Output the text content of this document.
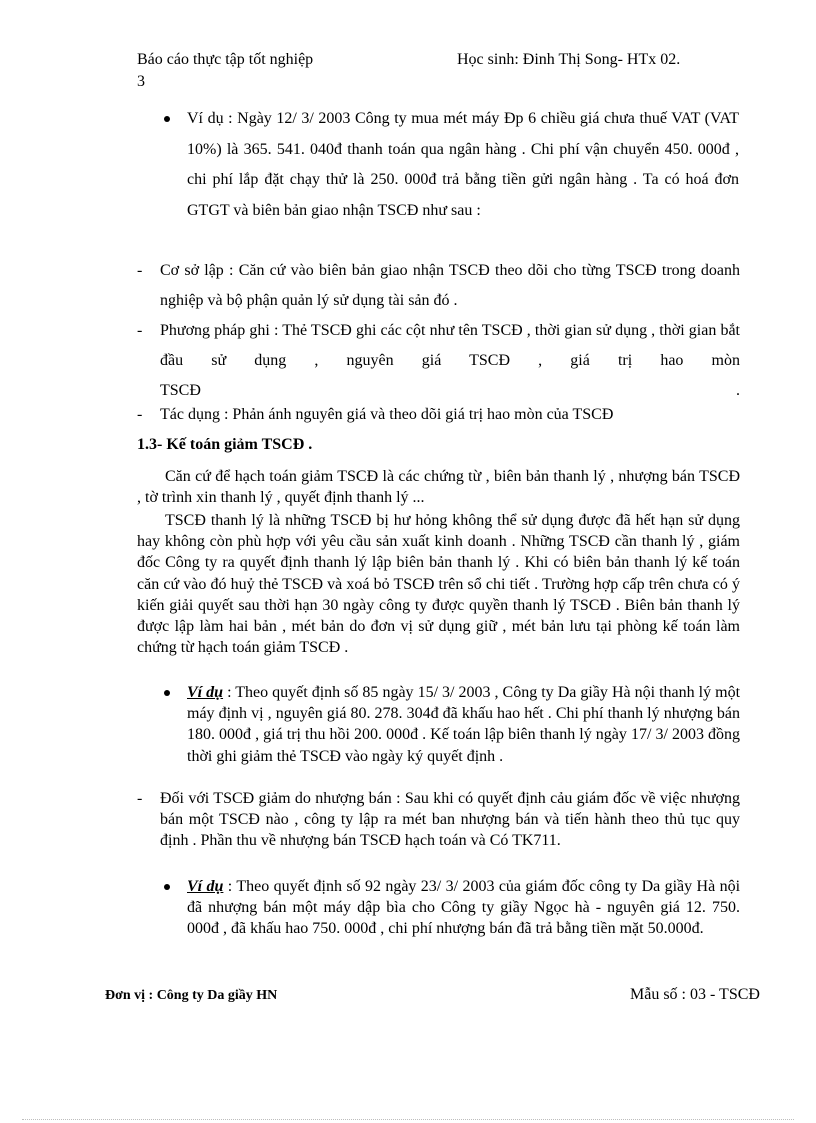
Báo cáo thực tập tốt nghiệp	Học sinh: Đinh Thị Song- HTx 02.
3

Ví dụ : Ngày 12/ 3/ 2003 Công ty mua mét máy Đp 6 chiều giá chưa thuế VAT (VAT 10%) là 365. 541. 040đ thanh toán qua ngân hàng . Chi phí vận chuyển 450. 000đ , chi phí lắp đặt chạy thử là 250. 000đ trả bằng tiền gửi ngân hàng . Ta có hoá đơn GTGT và biên bản giao nhận TSCĐ như sau :

- Cơ sở lập : Căn cứ vào biên bản giao nhận TSCĐ theo dõi cho từng TSCĐ trong doanh nghiệp và bộ phận quản lý sử dụng tài sản đó .

- Phương pháp ghi : Thẻ TSCĐ ghi các cột như tên TSCĐ , thời gian sử dụng , thời gian bắt đầu sử dụng , nguyên giá TSCĐ , giá trị hao mòn

TSCĐ	.

- Tác dụng : Phản ánh nguyên giá và theo dõi giá trị hao mòn của TSCĐ

1.3- Kế toán giảm TSCĐ .

Căn cứ để hạch toán giảm TSCĐ là các chứng từ , biên bản thanh lý , nhượng bán TSCĐ , tờ trình xin thanh lý , quyết định thanh lý ...

TSCĐ thanh lý là những TSCĐ bị hư hỏng không thể sử dụng được đã hết hạn sử dụng hay không còn phù hợp với yêu cầu sản xuất kinh doanh . Những TSCĐ cần thanh lý , giám đốc Công ty ra quyết định thanh lý lập biên bản thanh lý . Khi có biên bản thanh lý kế toán căn cứ vào đó huỷ thẻ TSCĐ và xoá bỏ TSCĐ trên sổ chi tiết . Trường hợp cấp trên chưa có ý kiến giải quyết sau thời hạn 30 ngày công ty được quyền thanh lý TSCĐ . Biên bản thanh lý được lập làm hai bản , mét bản do đơn vị sử dụng giữ , mét bản lưu tại phòng kế toán làm chứng từ hạch toán giảm TSCĐ .

Ví dụ : Theo quyết định số 85 ngày 15/ 3/ 2003 , Công ty Da giầy Hà nội thanh lý một máy định vị , nguyên giá 80. 278. 304đ đã khấu hao hết . Chi phí thanh lý nhượng bán 180. 000đ , giá trị thu hồi 200. 000đ . Kế toán lập biên thanh lý ngày 17/ 3/ 2003 đồng thời ghi giảm thẻ TSCĐ vào ngày ký quyết định .

- Đối với TSCĐ giảm do nhượng bán : Sau khi có quyết định cảu giám đốc về việc nhượng bán một TSCĐ nào , công ty lập ra mét ban nhượng bán và tiến hành theo thủ tục quy định . Phần thu về nhượng bán TSCĐ hạch toán và Có TK711.

Ví dụ : Theo quyết định số 92 ngày 23/ 3/ 2003 của giám đốc công ty Da giầy Hà nội đã nhượng bán một máy dập bìa cho Công ty giầy Ngọc hà - nguyên giá 12. 750. 000đ , đã khấu hao 750. 000đ , chi phí nhượng bán đã trả bằng tiền mặt 50.000đ.

Đơn vị : Công ty Da giầy HN	Mẫu số : 03 - TSCĐ
